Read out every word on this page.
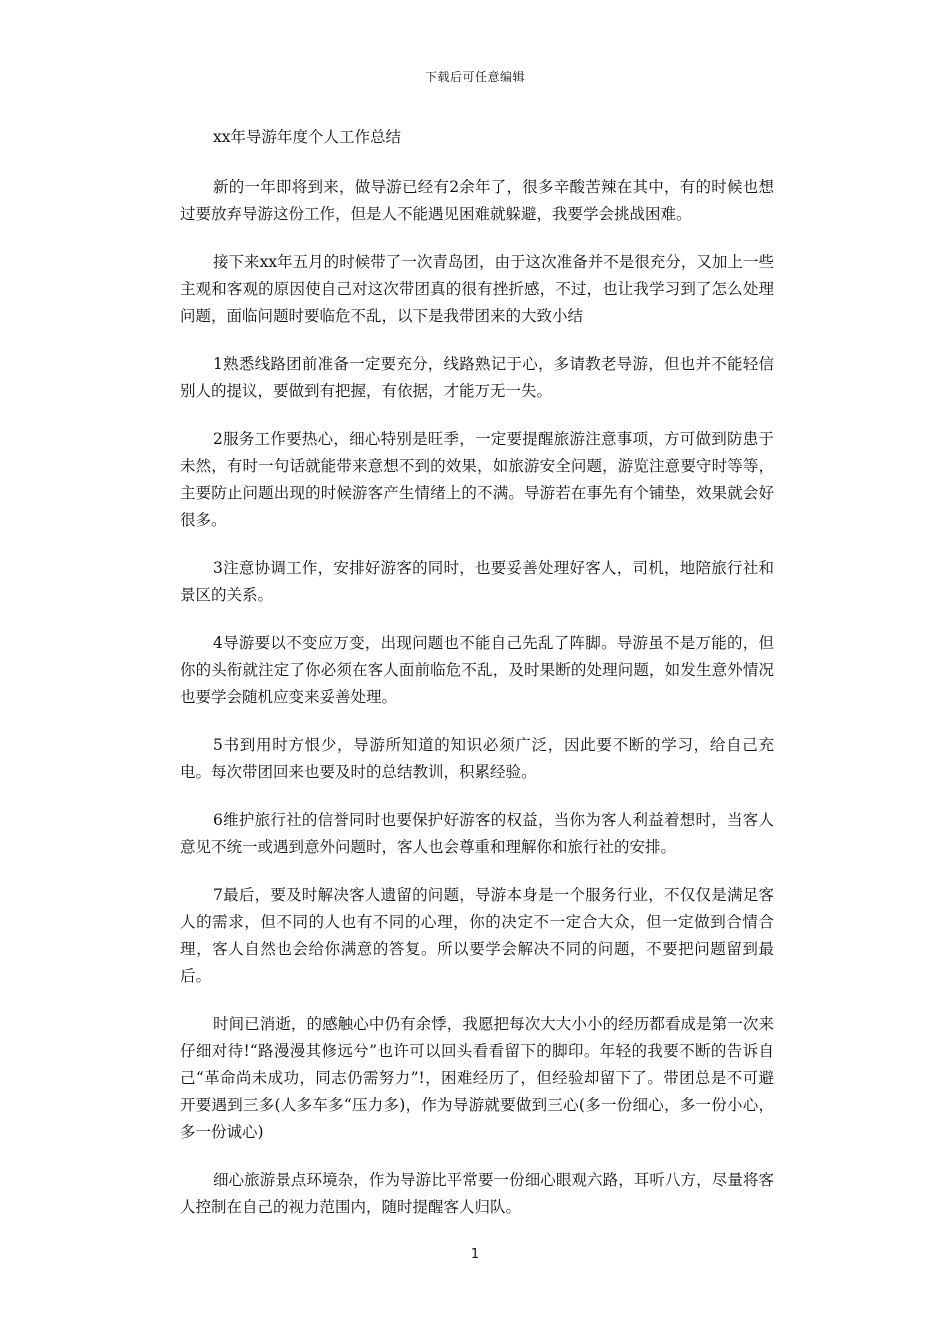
下载后可任意编辑
xx年导游年度个人工作总结

新的一年即将到来，做导游已经有2余年了，很多辛酸苦辣在其中，有的时候也想过要放弃导游这份工作，但是人不能遇见困难就躲避，我要学会挑战困难。

接下来xx年五月的时候带了一次青岛团，由于这次准备并不是很充分，又加上一些主观和客观的原因使自己对这次带团真的很有挫折感，不过，也让我学习到了怎么处理问题，面临问题时要临危不乱，以下是我带团来的大致小结

1熟悉线路团前准备一定要充分，线路熟记于心，多请教老导游，但也并不能轻信别人的提议，要做到有把握，有依据，才能万无一失。

2服务工作要热心，细心特别是旺季，一定要提醒旅游注意事项，方可做到防患于未然，有时一句话就能带来意想不到的效果，如旅游安全问题，游览注意要守时等等，主要防止问题出现的时候游客产生情绪上的不满。导游若在事先有个铺垫，效果就会好很多。

3注意协调工作，安排好游客的同时，也要妥善处理好客人，司机，地陪旅行社和景区的关系。

4导游要以不变应万变，出现问题也不能自己先乱了阵脚。导游虽不是万能的，但你的头衔就注定了你必须在客人面前临危不乱，及时果断的处理问题，如发生意外情况也要学会随机应变来妥善处理。

5书到用时方恨少，导游所知道的知识必须广泛，因此要不断的学习，给自己充电。每次带团回来也要及时的总结教训，积累经验。

6维护旅行社的信誉同时也要保护好游客的权益，当你为客人利益着想时，当客人意见不统一或遇到意外问题时，客人也会尊重和理解你和旅行社的安排。

7最后，要及时解决客人遗留的问题，导游本身是一个服务行业，不仅仅是满足客人的需求，但不同的人也有不同的心理，你的决定不一定合大众，但一定做到合情合理，客人自然也会给你满意的答复。所以要学会解决不同的问题，不要把问题留到最后。

时间已消逝，的感触心中仍有余悸，我愿把每次大大小小的经历都看成是第一次来仔细对待!“路漫漫其修远兮”也许可以回头看看留下的脚印。年轻的我要不断的告诉自己“革命尚未成功，同志仍需努力”!，困难经历了，但经验却留下了。带团总是不可避开要遇到三多(人多车多“压力多)，作为导游就要做到三心(多一份细心，多一份小心，多一份诚心)

细心旅游景点环境杂，作为导游比平常要一份细心眼观六路，耳听八方，尽量将客人控制在自己的视力范围内，随时提醒客人归队。

1
